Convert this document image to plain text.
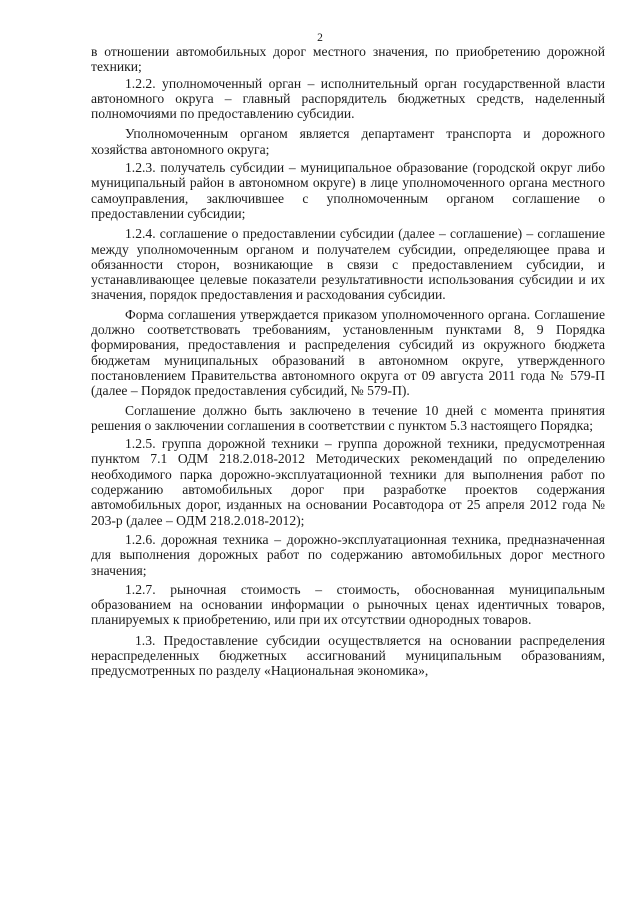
2

в отношении автомобильных дорог местного значения, по приобретению дорожной техники;

1.2.2. уполномоченный орган – исполнительный орган государственной власти автономного округа – главный распорядитель бюджетных средств, наделенный полномочиями по предоставлению субсидии.

Уполномоченным органом является департамент транспорта и дорожного хозяйства автономного округа;

1.2.3. получатель субсидии – муниципальное образование (городской округ либо муниципальный район в автономном округе) в лице уполномоченного органа местного самоуправления, заключившее с уполномоченным органом соглашение о предоставлении субсидии;

1.2.4. соглашение о предоставлении субсидии (далее – соглашение) – соглашение между уполномоченным органом и получателем субсидии, определяющее права и обязанности сторон, возникающие в связи с предоставлением субсидии, и устанавливающее целевые показатели результативности использования субсидии и их значения, порядок предоставления и расходования субсидии.

Форма соглашения утверждается приказом уполномоченного органа. Соглашение должно соответствовать требованиям, установленным пунктами 8, 9 Порядка формирования, предоставления и распределения субсидий из окружного бюджета бюджетам муниципальных образований в автономном округе, утвержденного постановлением Правительства автономного округа от 09 августа 2011 года № 579-П (далее – Порядок предоставления субсидий, № 579-П).

Соглашение должно быть заключено в течение 10 дней с момента принятия решения о заключении соглашения в соответствии с пунктом 5.3 настоящего Порядка;

1.2.5. группа дорожной техники – группа дорожной техники, предусмотренная пунктом 7.1 ОДМ 218.2.018-2012 Методических рекомендаций по определению необходимого парка дорожно-эксплуатационной техники для выполнения работ по содержанию автомобильных дорог при разработке проектов содержания автомобильных дорог, изданных на основании Росавтодора от 25 апреля 2012 года № 203-р (далее – ОДМ 218.2.018-2012);

1.2.6. дорожная техника – дорожно-эксплуатационная техника, предназначенная для выполнения дорожных работ по содержанию автомобильных дорог местного значения;

1.2.7. рыночная стоимость – стоимость, обоснованная муниципальным образованием на основании информации о рыночных ценах идентичных товаров, планируемых к приобретению, или при их отсутствии однородных товаров.

1.3. Предоставление субсидии осуществляется на основании распределения нераспределенных бюджетных ассигнований муниципальным образованиям, предусмотренных по разделу «Национальная экономика»,
